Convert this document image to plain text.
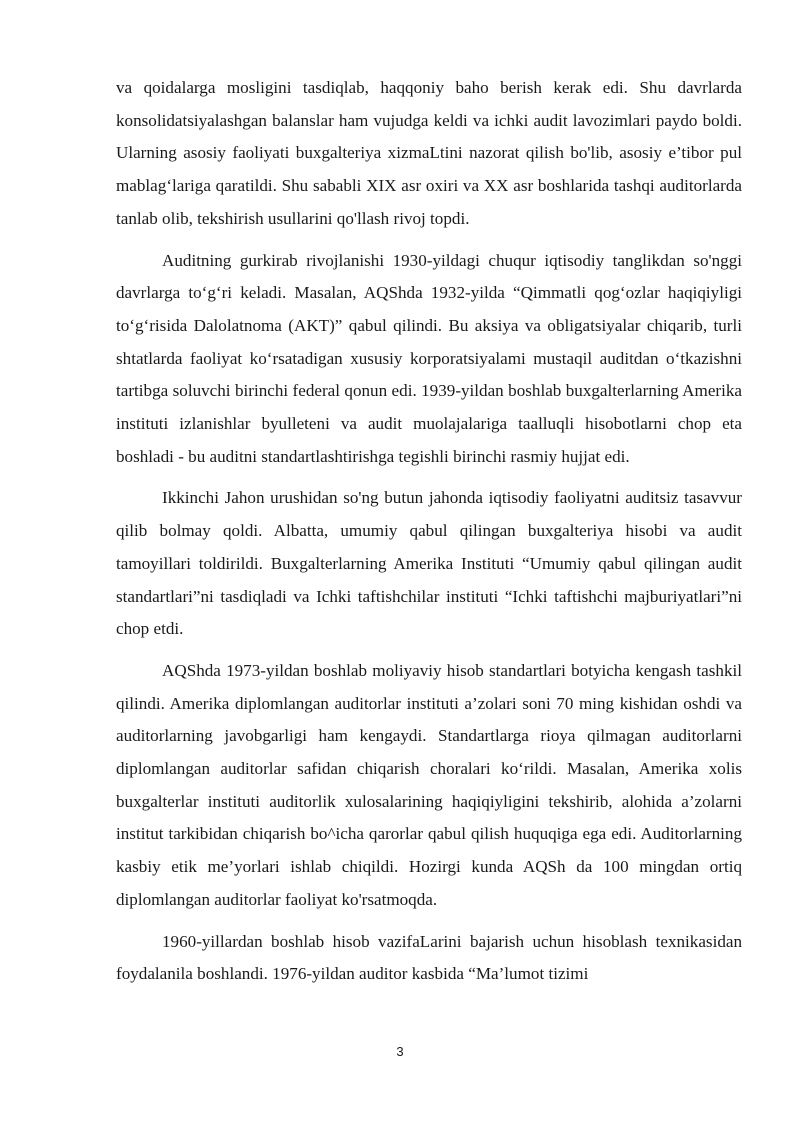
va qoidalarga mosligini tasdiqlab, haqqoniy baho berish kerak edi. Shu davrlarda konsolidatsiyalashgan balanslar ham vujudga keldi va ichki audit lavozimlari paydo boldi. Ularning asosiy faoliyati buxgalteriya xizmaLtini nazorat qilish bo'lib, asosiy e’tibor pul mablag‘lariga qaratildi. Shu sababli XIX asr oxiri va XX asr boshlarida tashqi auditorlarda tanlab olib, tekshirish usullarini qo'llash rivoj topdi.

Auditning gurkirab rivojlanishi 1930-yildagi chuqur iqtisodiy tanglikdan so'nggi davrlarga to‘g‘ri keladi. Masalan, AQShda 1932-yilda “Qimmatli qog‘ozlar haqiqiyligi to‘g‘risida Dalolatnoma (AKT)” qabul qilindi. Bu aksiya va obligatsiyalar chiqarib, turli shtatlarda faoliyat ko‘rsatadigan xususiy korporatsiyalami mustaqil auditdan o‘tkazishni tartibga soluvchi birinchi federal qonun edi. 1939-yildan boshlab buxgalterlarning Amerika instituti izlanishlar byulleteni va audit muolajalariga taalluqli hisobotlarni chop eta boshladi - bu auditni standartlashtirishga tegishli birinchi rasmiy hujjat edi.

Ikkinchi Jahon urushidan so'ng butun jahonda iqtisodiy faoliyatni auditsiz tasavvur qilib bolmay qoldi. Albatta, umumiy qabul qilingan buxgalteriya hisobi va audit tamoyillari toldirildi. Buxgalterlarning Amerika Instituti “Umumiy qabul qilingan audit standartlari”ni tasdiqladi va Ichki taftishchilar instituti “Ichki taftishchi majburiyatlari”ni chop etdi.

AQShda 1973-yildan boshlab moliyaviy hisob standartlari botyicha kengash tashkil qilindi. Amerika diplomlangan auditorlar instituti a’zolari soni 70 ming kishidan oshdi va auditorlarning javobgarligi ham kengaydi. Standartlarga rioya qilmagan auditorlarni diplomlangan auditorlar safidan chiqarish choralari ko‘rildi. Masalan, Amerika xolis buxgalterlar instituti auditorlik xulosalarining haqiqiyligini tekshirib, alohida a’zolarni institut tarkibidan chiqarish bo^icha qarorlar qabul qilish huquqiga ega edi. Auditorlarning kasbiy etik me’yorlari ishlab chiqildi. Hozirgi kunda AQSh da 100 mingdan ortiq diplomlangan auditorlar faoliyat ko'rsatmoqda.

1960-yillardan boshlab hisob vazifaLarini bajarish uchun hisoblash texnikasidan foydalanila boshlandi. 1976-yildan auditor kasbida “Ma’lumot tizimi

3
